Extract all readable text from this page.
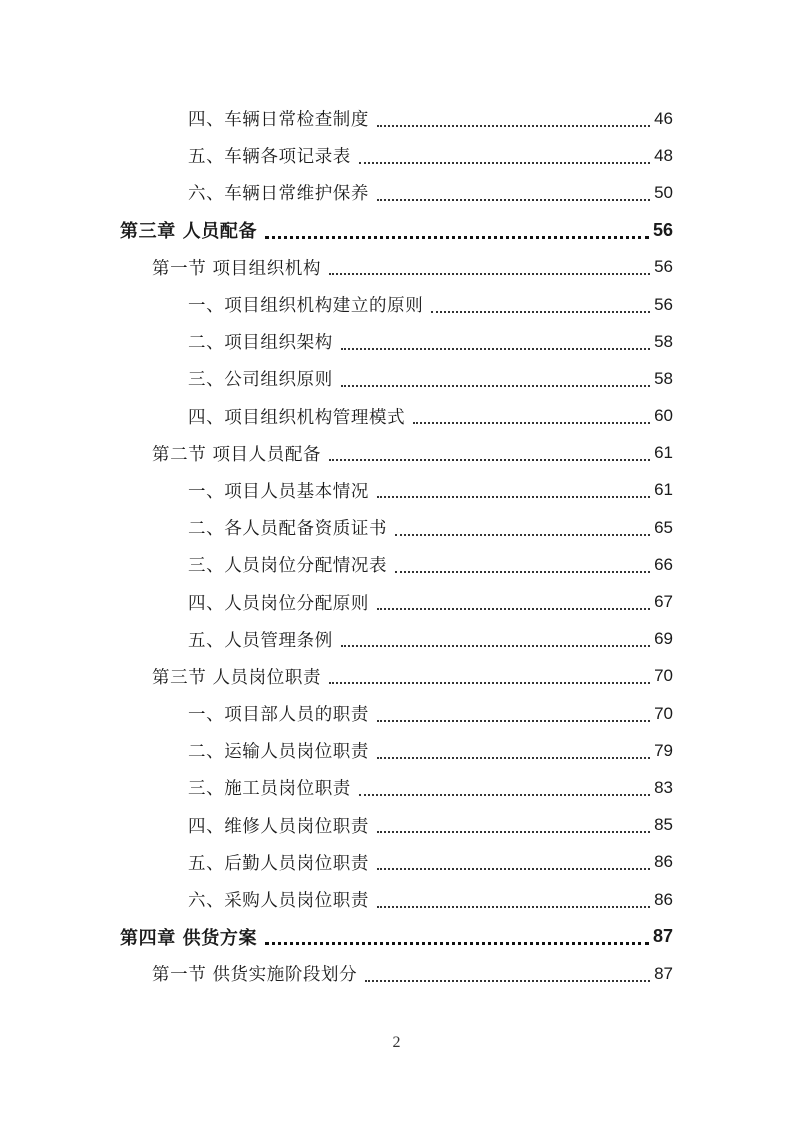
四、车辆日常检查制度	46
五、车辆各项记录表	48
六、车辆日常维护保养	50
第三章 人员配备	56
第一节 项目组织机构	56
一、项目组织机构建立的原则	56
二、项目组织架构	58
三、公司组织原则	58
四、项目组织机构管理模式	60
第二节 项目人员配备	61
一、项目人员基本情况	61
二、各人员配备资质证书	65
三、人员岗位分配情况表	66
四、人员岗位分配原则	67
五、人员管理条例	69
第三节 人员岗位职责	70
一、项目部人员的职责	70
二、运输人员岗位职责	79
三、施工员岗位职责	83
四、维修人员岗位职责	85
五、后勤人员岗位职责	86
六、采购人员岗位职责	86
第四章 供货方案	87
第一节 供货实施阶段划分	87
2
